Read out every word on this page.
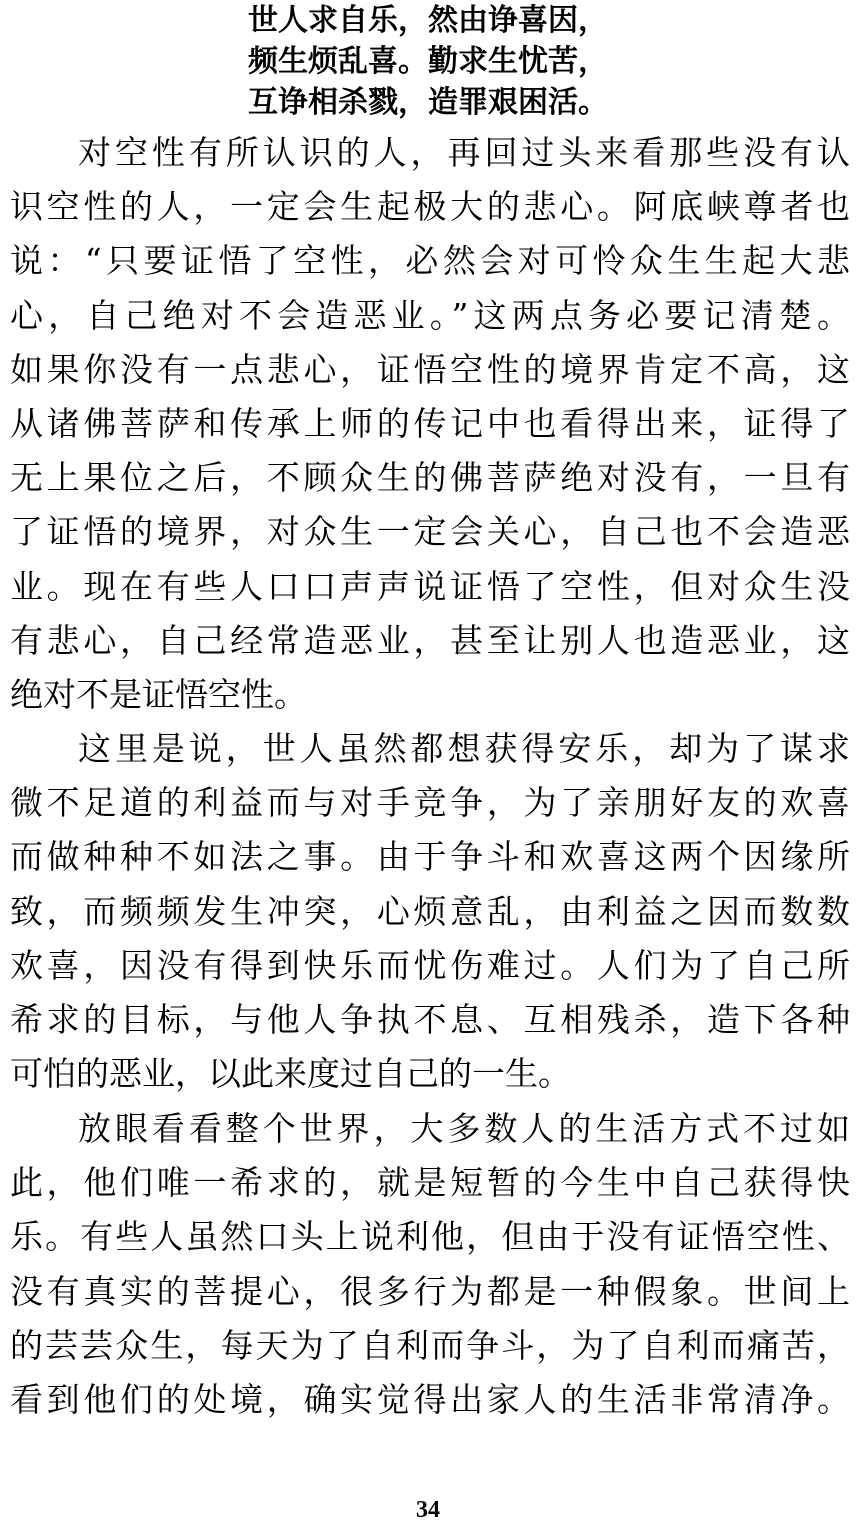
世人求自乐，然由诤喜因，
频生烦乱喜。勤求生忧苦，
互诤相杀戮，造罪艰困活。
对空性有所认识的人，再回过头来看那些没有认
识空性的人，一定会生起极大的悲心。阿底峡尊者也
说：“只要证悟了空性，必然会对可怜众生生起大悲
心，自己绝对不会造恶业。”这两点务必要记清楚。
如果你没有一点悲心，证悟空性的境界肯定不高，这
从诸佛菩萨和传承上师的传记中也看得出来，证得了
无上果位之后，不顾众生的佛菩萨绝对没有，一旦有
了证悟的境界，对众生一定会关心，自己也不会造恶
业。现在有些人口口声声说证悟了空性，但对众生没
有悲心，自己经常造恶业，甚至让别人也造恶业，这
绝对不是证悟空性。
这里是说，世人虽然都想获得安乐，却为了谋求
微不足道的利益而与对手竞争，为了亲朋好友的欢喜
而做种种不如法之事。由于争斗和欢喜这两个因缘所
致，而频频发生冲突，心烦意乱，由利益之因而数数
欢喜，因没有得到快乐而忧伤难过。人们为了自己所
希求的目标，与他人争执不息、互相残杀，造下各种
可怕的恶业，以此来度过自己的一生。
放眼看看整个世界，大多数人的生活方式不过如
此，他们唯一希求的，就是短暂的今生中自己获得快
乐。有些人虽然口头上说利他，但由于没有证悟空性、
没有真实的菩提心，很多行为都是一种假象。世间上
的芸芸众生，每天为了自利而争斗，为了自利而痛苦，
看到他们的处境，确实觉得出家人的生活非常清净。
34
